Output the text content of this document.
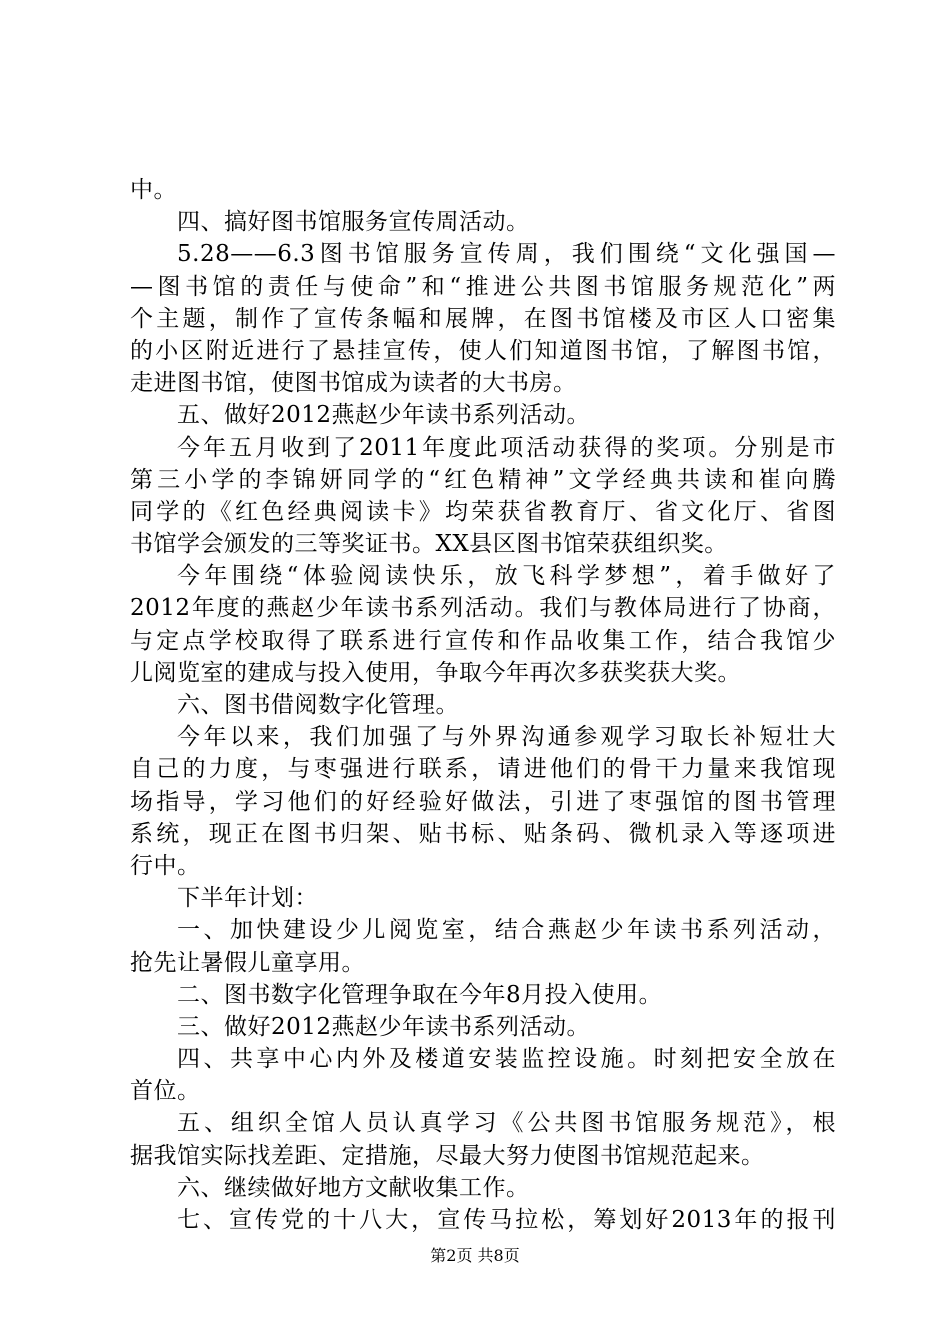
中。
四、搞好图书馆服务宣传周活动。
5.28——6.3图书馆服务宣传周，我们围绕“文化强国—
—图书馆的责任与使命”和“推进公共图书馆服务规范化”两
个主题，制作了宣传条幅和展牌，在图书馆楼及市区人口密集
的小区附近进行了悬挂宣传，使人们知道图书馆，了解图书馆，
走进图书馆，使图书馆成为读者的大书房。
五、做好2012燕赵少年读书系列活动。
今年五月收到了2011年度此项活动获得的奖项。分别是市
第三小学的李锦妍同学的“红色精神”文学经典共读和崔向腾
同学的《红色经典阅读卡》均荣获省教育厅、省文化厅、省图
书馆学会颁发的三等奖证书。XX县区图书馆荣获组织奖。
今年围绕“体验阅读快乐，放飞科学梦想”，着手做好了
2012年度的燕赵少年读书系列活动。我们与教体局进行了协商，
与定点学校取得了联系进行宣传和作品收集工作，结合我馆少
儿阅览室的建成与投入使用，争取今年再次多获奖获大奖。
六、图书借阅数字化管理。
今年以来，我们加强了与外界沟通参观学习取长补短壮大
自己的力度，与枣强进行联系，请进他们的骨干力量来我馆现
场指导，学习他们的好经验好做法，引进了枣强馆的图书管理
系统，现正在图书归架、贴书标、贴条码、微机录入等逐项进
行中。
下半年计划：
一、加快建设少儿阅览室，结合燕赵少年读书系列活动，
抢先让暑假儿童享用。
二、图书数字化管理争取在今年8月投入使用。
三、做好2012燕赵少年读书系列活动。
四、共享中心内外及楼道安装监控设施。时刻把安全放在
首位。
五、组织全馆人员认真学习《公共图书馆服务规范》，根
据我馆实际找差距、定措施，尽最大努力使图书馆规范起来。
六、继续做好地方文献收集工作。
七、宣传党的十八大，宣传马拉松，筹划好2013年的报刊
第2页 共8页
